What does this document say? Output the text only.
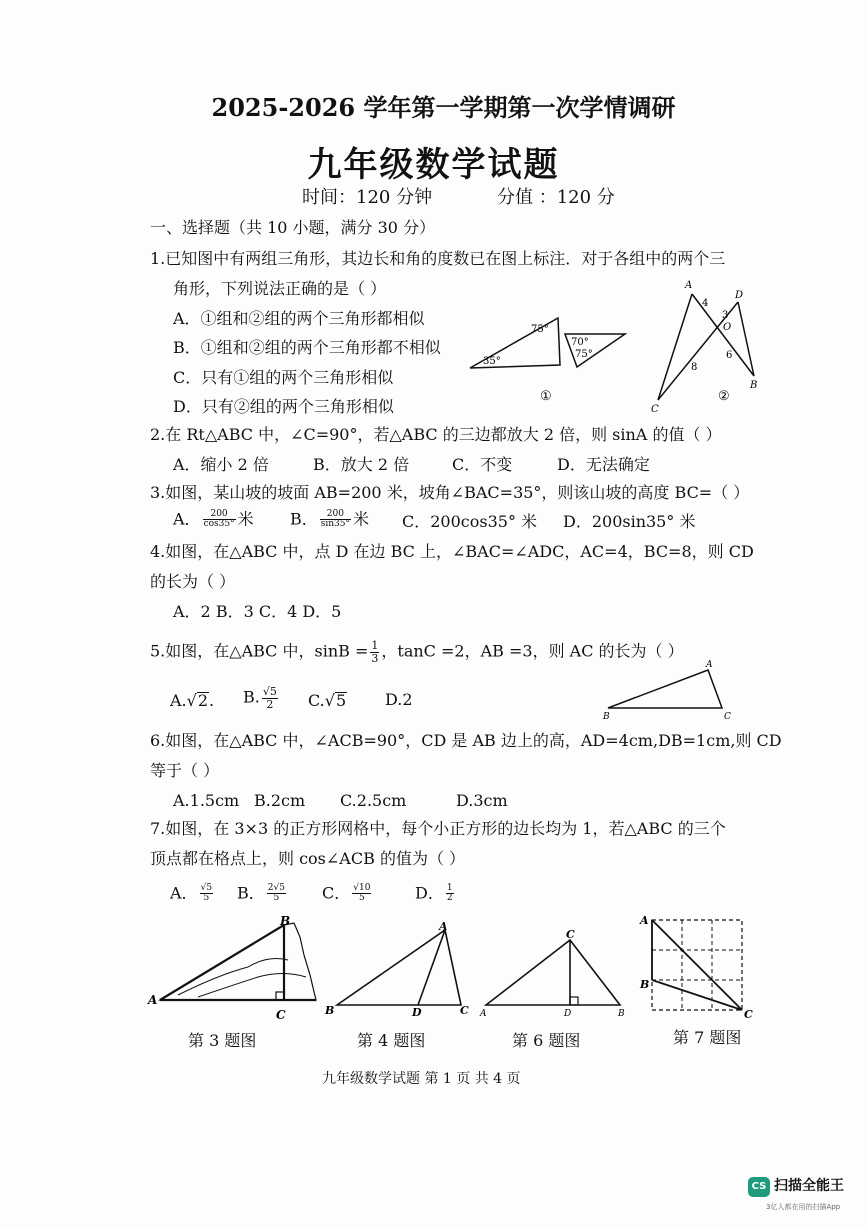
2025-2026 学年第一学期第一次学情调研
九年级数学试题
时间：120 分钟	分值 ：120 分
一、选择题（共 10 小题，满分 30 分）
1.已知图中有两组三角形，其边长和角的度数已在图上标注．对于各组中的两个三
角形，下列说法正确的是（ ）
A．①组和②组的两个三角形都相似
B．①组和②组的两个三角形都不相似
C．只有①组的两个三角形相似
D．只有②组的两个三角形相似
75°
35°
70°
75°
①
A
D
O
B
C
4
3
6
8
②
2.在 Rt△ABC 中，∠C=90°，若△ABC 的三边都放大 2 倍，则 sinA 的值（ ）
A．缩小 2 倍	B．放大 2 倍	C．不变	D．无法确定
3.如图，某山坡的坡面 AB=200 米，坡角∠BAC=35°，则该山坡的高度 BC=（ ）
A． $\frac{200}{\cos 35^\circ}$ 米 B． $\frac{200}{\sin 35^\circ}$ 米 C．200cos35° 米 D．200sin35° 米
4.如图，在△ABC 中，点 D 在边 BC 上，∠BAC=∠ADC，AC=4，BC=8，则 CD
的长为（ ）
A．2 B．3 C．4 D．5
5.如图，在△ABC 中，$\sin B = \frac{1}{3}$ ，tanC =2，AB =3，则 AC 的长为（ ）
A.√2. B. $\frac{√5}{2} C.√5$ D.2
A
B	C
6.如图，在△ABC 中，∠ACB=90°，CD 是 AB 边上的高，AD=4cm,DB=1cm,则 CD
等于（ ）
A.1.5cm B.2cm C.2.5cm	D.3cm
7.如图，在 3×3 的正方形网格中，每个小正方形的边长均为 1，若△ABC 的三个
顶点都在格点上，则 cos∠ACB 的值为（ ）
A． $\frac{√5}{5}$ B． $\frac{2√5}{5}$ C． $\frac{√10}{5}$	D． $\frac{1}{2}$
A
B
C
第 3 题图
A
B	D	C
第 4 题图
C
A	D	B
第 6 题图
A
B
C
第 7 题图
九年级数学试题 第 1 页 共 4 页
CS 扫描全能王
3亿人都在用的扫描App
